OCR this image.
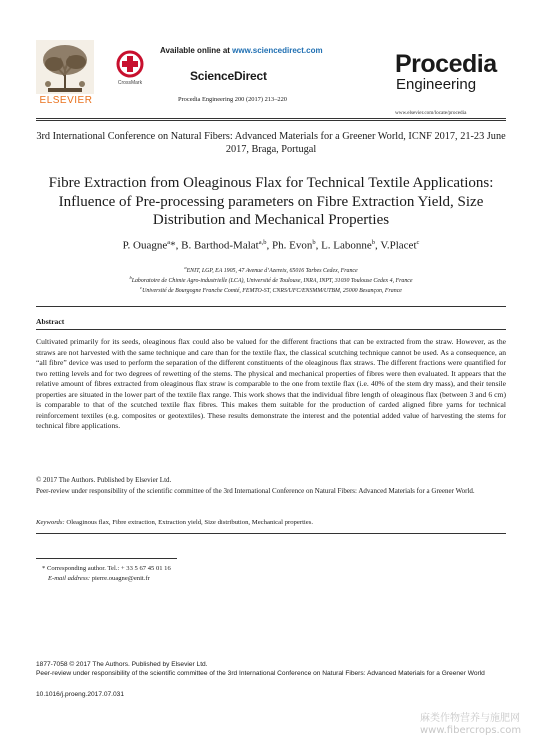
ELSEVIER
CrossMark
Available online at www.sciencedirect.com
ScienceDirect
Procedia Engineering 200 (2017) 213–220
Procedia
Engineering
www.elsevier.com/locate/procedia
3rd International Conference on Natural Fibers: Advanced Materials for a Greener World, ICNF 2017, 21-23 June 2017, Braga, Portugal
Fibre Extraction from Oleaginous Flax for Technical Textile Applications: Influence of Pre-processing parameters on Fibre Extraction Yield, Size Distribution and Mechanical Properties
P. Ouagne$^a$*, B. Barthod-Malat$^{a,b}$, Ph. Evon$^b$, L. Labonne$^b$, V.Placet$^c$
$^a$ENIT, LGP, EA 1905, 47 Avenue d’Azereix, 65016 Tarbes Cedex, France
$^b$Laboratoire de Chimie Agro-industrielle (LCA), Université de Toulouse, INRA, INPT, 31030 Toulouse Cedex 4, France
$^c$Université de Bourgogne Franche Comté, FEMTO-ST, CNRS/UFC/ENSMM/UTBM, 25000 Besançon, France
Abstract
Cultivated primarily for its seeds, oleaginous flax could also be valued for the different fractions that can be extracted from the straw. However, as the straws are not harvested with the same technique and care than for the textile flax, the classical scutching technique cannot be used. As a consequence, an “all fibre” device was used to perform the separation of the different constituents of the oleaginous flax straws. The different fractions were quantified for two retting levels and for two degrees of rewetting of the stems. The physical and mechanical properties of fibres were then evaluated. It appears that the relative amount of fibres extracted from oleaginous flax straw is comparable to the one from textile flax (i.e. 40% of the stem dry mass), and their tensile properties are situated in the lower part of the textile flax range. This work shows that the individual fibre length of oleaginous flax (between 3 and 6 cm) is comparable to that of the scutched textile flax fibres. This makes them suitable for the production of carded aligned fibre yarns for technical reinforcement textiles (e.g. composites or geotextiles). These results demonstrate the interest and the potential added value of harvesting the stems for technical fibre applications.
© 2017 The Authors. Published by Elsevier Ltd.
Peer-review under responsibility of the scientific committee of the 3rd International Conference on Natural Fibers: Advanced Materials for a Greener World.
Keywords: Oleaginous flax, Fibre extraction, Extraction yield, Size distribution, Mechanical properties.
* Corresponding author. Tel.: + 33 5 67 45 01 16
E-mail address: pierre.ouagne@enit.fr
1877-7058 © 2017 The Authors. Published by Elsevier Ltd.
Peer-review under responsibility of the scientific committee of the 3rd International Conference on Natural Fibers: Advanced Materials for a Greener World
10.1016/j.proeng.2017.07.031
麻类作物营养与施肥网
www.fibercrops.com
